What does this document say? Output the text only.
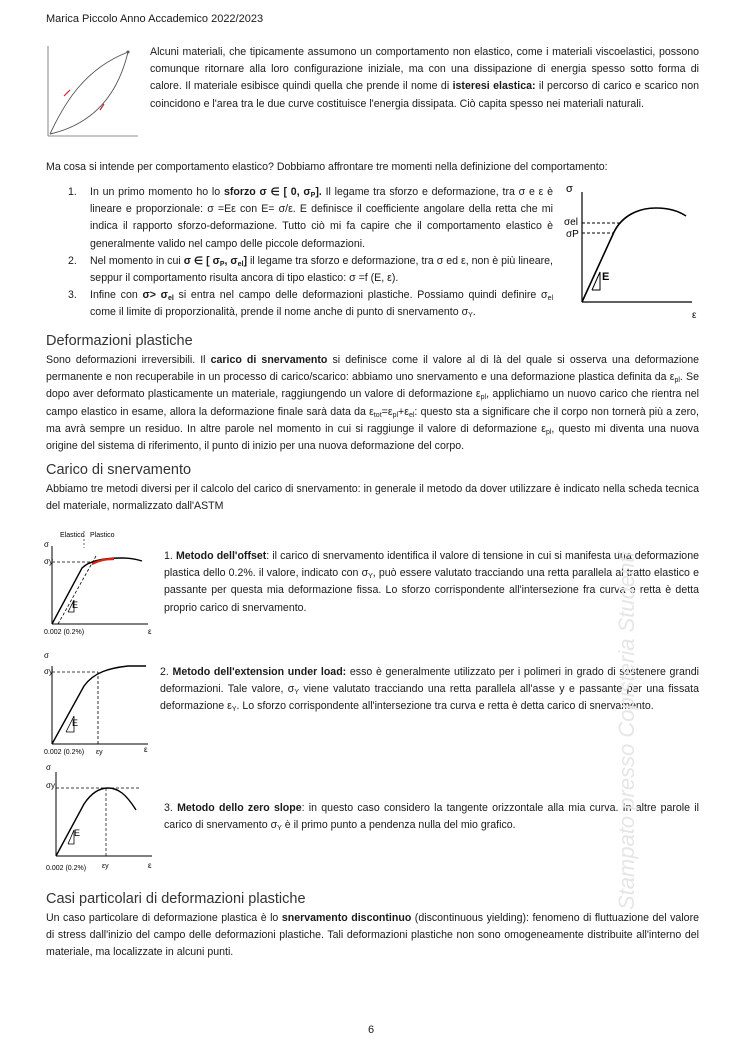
Marica Piccolo Anno Accademico 2022/2023
Alcuni materiali, che tipicamente assumono un comportamento non elastico, come i materiali viscoelastici, possono comunque ritornare alla loro configurazione iniziale, ma con una dissipazione di energia spesso sotto forma di calore. Il materiale esibisce quindi quella che prende il nome di isteresi elastica: il percorso di carico e scarico non coincidono e l'area tra le due curve costituisce l'energia dissipata. Ciò capita spesso nei materiali naturali.
Ma cosa si intende per comportamento elastico? Dobbiamo affrontare tre momenti nella definizione del comportamento:
1. In un primo momento ho lo sforzo σ ∈ [ 0, $\sigma_P$]. Il legame tra sforzo e deformazione, tra σ e ε è lineare e proporzionale: σ =Eε con E= σ/ε. E definisce il coefficiente angolare della retta che mi indica il rapporto sforzo-deformazione. Tutto ciò mi fa capire che il comportamento elastico è generalmente valido nel campo delle piccole deformazioni.
2. Nel momento in cui σ ∈ [ $\sigma_P$, $\sigma_{el}$] il legame tra sforzo e deformazione, tra σ ed ε, non è più lineare, seppur il comportamento risulta ancora di tipo elastico: σ =f (E, ε).
3. Infine con $\sigma> \sigma_{el}$ si entra nel campo delle deformazioni plastiche. Possiamo quindi definire $\sigma_{el}$ come il limite di proporzionalità, prende il nome anche di punto di snervamento $\sigma_Y$.
σ
σel
σP
E
ε
Deformazioni plastiche
Sono deformazioni irreversibili. Il carico di snervamento si definisce come il valore al di là del quale si osserva una deformazione permanente e non recuperabile in un processo di carico/scarico: abbiamo uno snervamento e una deformazione plastica definita da $\varepsilon_{pl}$. Se dopo aver deformato plasticamente un materiale, raggiungendo un valore di deformazione $\varepsilon_{pl}$, applichiamo un nuovo carico che rientra nel campo elastico in esame, allora la deformazione finale sarà data da $\varepsilon_{tot}=\varepsilon_{pl}+\varepsilon_{el}$: questo sta a significare che il corpo non tornerà più a zero, ma avrà sempre un residuo. In altre parole nel momento in cui si raggiunge il valore di deformazione $\varepsilon_{pl}$, questo mi diventa una nuova origine del sistema di riferimento, il punto di inizio per una nuova deformazione del corpo.
Carico di snervamento
Abbiamo tre metodi diversi per il calcolo del carico di snervamento: in generale il metodo da dover utilizzare è indicato nella scheda tecnica del materiale, normalizzato dall'ASTM
Elastico Plastico
σ
σy
E
0.002 (0.2%)	ε
1. Metodo dell'offset: il carico di snervamento identifica il valore di tensione in cui si manifesta una deformazione plastica dello 0.2%. il valore, indicato con $\sigma_Y$, può essere valutato tracciando una retta parallela al tratto elastico e passante per questa mia deformazione fissa. Lo sforzo corrispondente all'intersezione fra curva e retta è detta proprio carico di snervamento.
σ
σy
E
0.002 (0.2%) εy	ε
2. Metodo dell'extension under load: esso è generalmente utilizzato per i polimeri in grado di sostenere grandi deformazioni. Tale valore, $\sigma_Y$ viene valutato tracciando una retta parallela all'asse y e passante per una fissata deformazione $\varepsilon_Y$. Lo sforzo corrispondente all'intersezione tra curva e retta è detta carico di snervamento.
σ
σy
E
0.002 (0.2%) εy	ε
3. Metodo dello zero slope: in questo caso considero la tangente orizzontale alla mia curva. In altre parole il carico di snervamento $\sigma_Y$ è il primo punto a pendenza nulla del mio grafico.
Casi particolari di deformazioni plastiche
Un caso particolare di deformazione plastica è lo snervamento discontinuo (discontinuous yielding): fenomeno di fluttuazione del valore di stress dall'inizio del campo delle deformazioni plastiche. Tali deformazioni plastiche non sono omogeneamente distribuite all'interno del materiale, ma localizzate in alcuni punti.
Stampato presso Copisteria Studenti
6
